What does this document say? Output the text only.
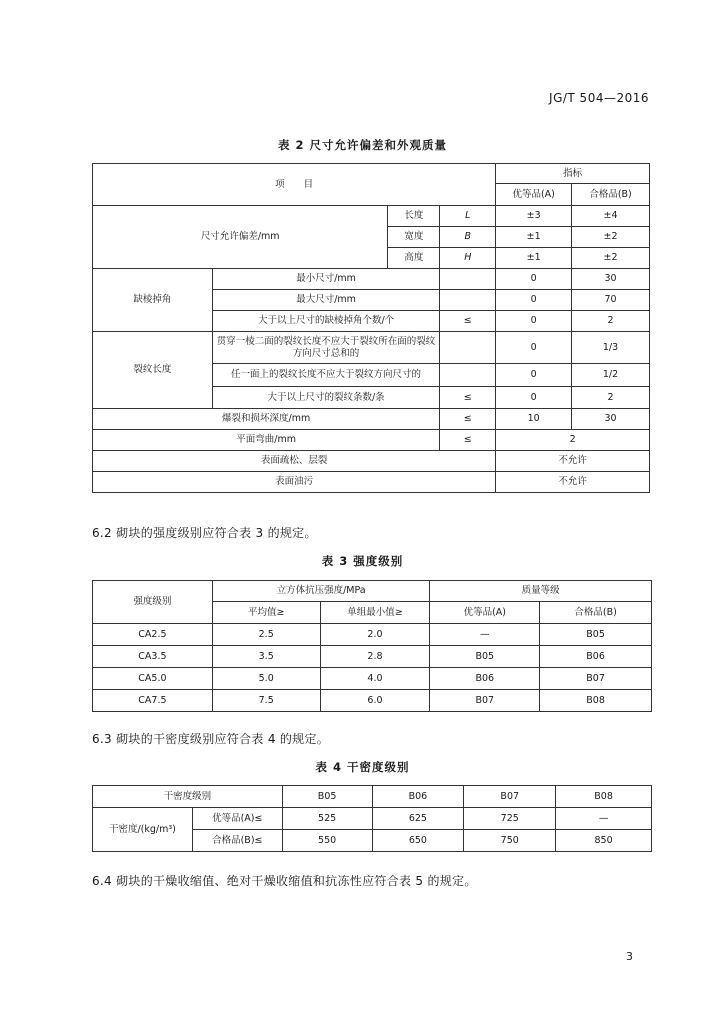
JG/T 504—2016
表 2 尺寸允许偏差和外观质量
项　　目				指标	
				优等品(A)	合格品(B)
尺寸允许偏差/mm		长度	L	±3	±4
		宽度	B	±1	±2
		高度	H	±1	±2
缺棱掉角	最小尺寸/mm			0	30
	最大尺寸/mm			0	70
	大于以上尺寸的缺棱掉角个数/个		≤	0	2
裂纹长度	贯穿一棱二面的裂纹长度不应大于裂纹所在面的裂纹方向尺寸总和的			0	1/3
	任一面上的裂纹长度不应大于裂纹方向尺寸的			0	1/2
	大于以上尺寸的裂纹条数/条		≤	0	2
爆裂和损坏深度/mm			≤	10	30
平面弯曲/mm			≤	2	
表面疏松、层裂				不允许	
表面油污				不允许	
6.2 砌块的强度级别应符合表 3 的规定。
表 3 强度级别
强度级别	立方体抗压强度/MPa		质量等级	
	平均值≥	单组最小值≥	优等品(A)	合格品(B)
CA2.5	2.5	2.0	—	B05
CA3.5	3.5	2.8	B05	B06
CA5.0	5.0	4.0	B06	B07
CA7.5	7.5	6.0	B07	B08
6.3 砌块的干密度级别应符合表 4 的规定。
表 4 干密度级别
干密度级别		B05	B06	B07	B08
干密度/(kg/m³)	优等品(A)≤	525	625	725	—
	合格品(B)≤	550	650	750	850
6.4 砌块的干燥收缩值、绝对干燥收缩值和抗冻性应符合表 5 的规定。
3
